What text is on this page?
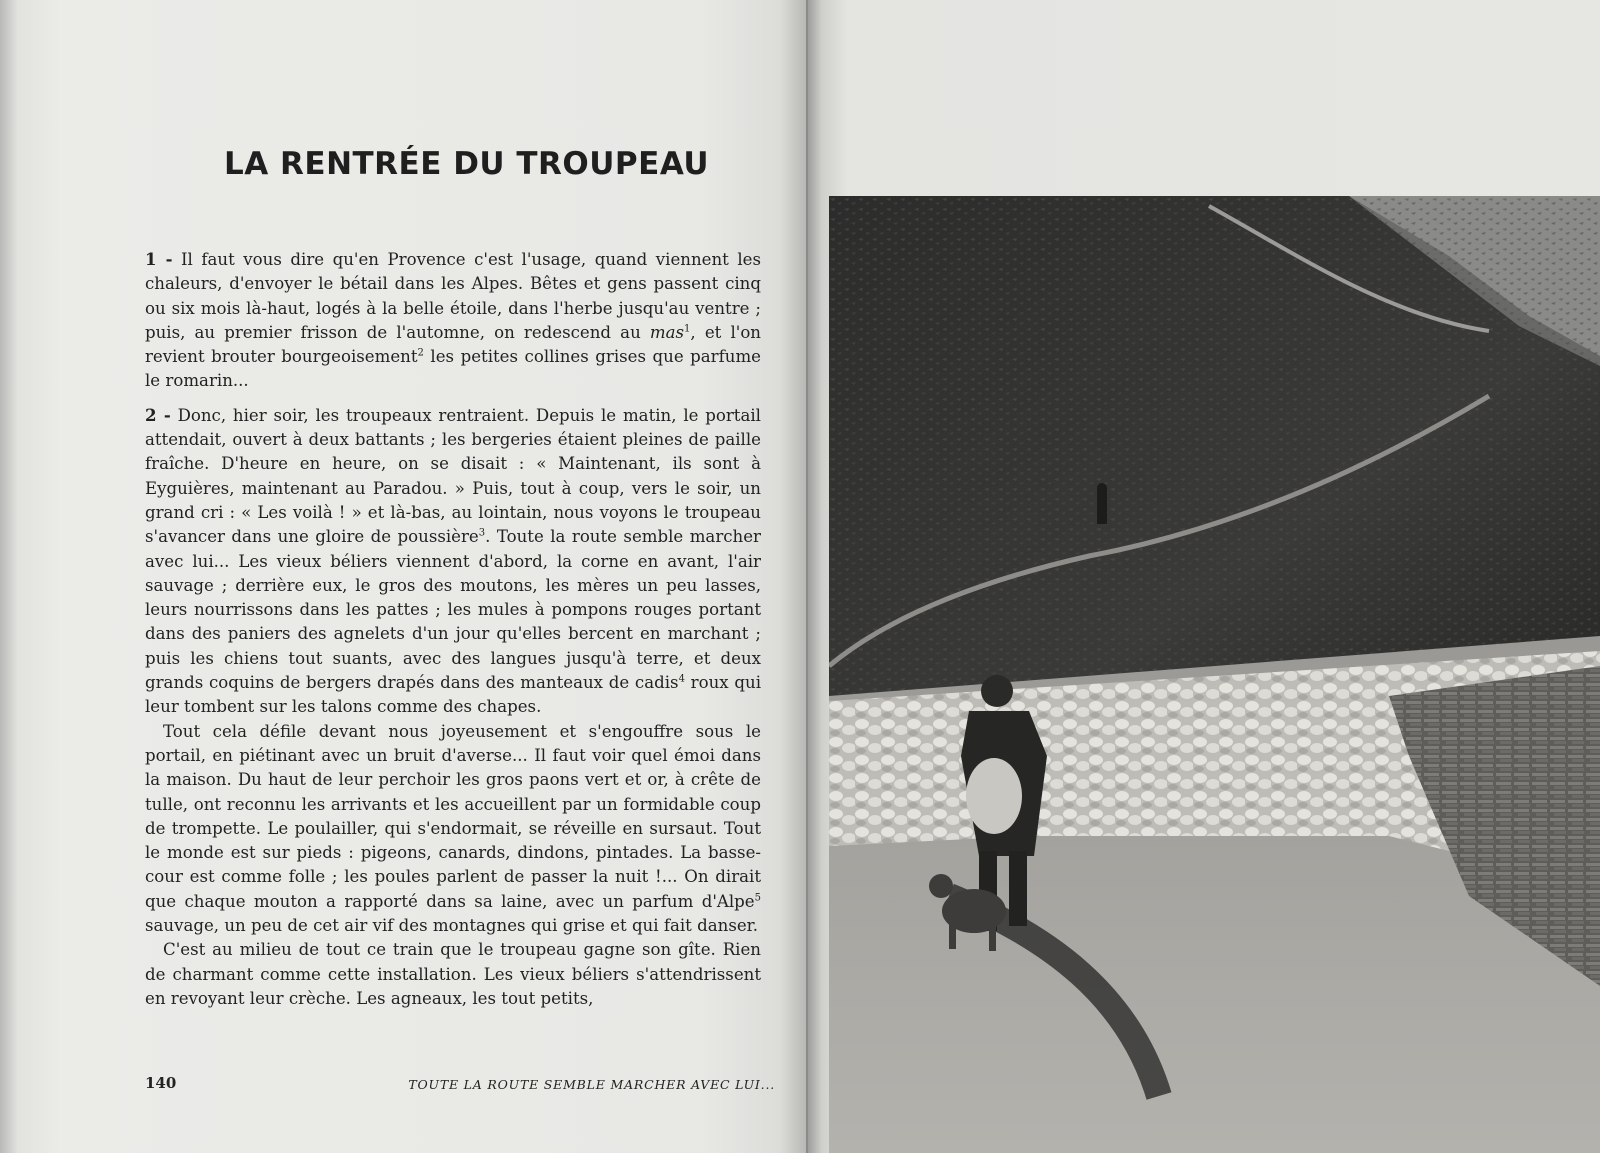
LA RENTRÉE DU TROUPEAU

1 - Il faut vous dire qu'en Provence c'est l'usage, quand viennent les chaleurs, d'envoyer le bétail dans les Alpes. Bêtes et gens passent cinq ou six mois là-haut, logés à la belle étoile, dans l'herbe jusqu'au ventre ; puis, au premier frisson de l'automne, on redescend au mas$^1$, et l'on revient brouter bourgeoisement$^2$ les petites collines grises que parfume le romarin...

2 - Donc, hier soir, les troupeaux rentraient. Depuis le matin, le portail attendait, ouvert à deux battants ; les bergeries étaient pleines de paille fraîche. D'heure en heure, on se disait : « Maintenant, ils sont à Eyguières, maintenant au Paradou. » Puis, tout à coup, vers le soir, un grand cri : « Les voilà ! » et là-bas, au lointain, nous voyons le troupeau s'avancer dans une gloire de poussière$^3$. Toute la route semble marcher avec lui... Les vieux béliers viennent d'abord, la corne en avant, l'air sauvage ; derrière eux, le gros des moutons, les mères un peu lasses, leurs nourrissons dans les pattes ; les mules à pompons rouges portant dans des paniers des agnelets d'un jour qu'elles bercent en marchant ; puis les chiens tout suants, avec des langues jusqu'à terre, et deux grands coquins de bergers drapés dans des manteaux de cadis$^4$ roux qui leur tombent sur les talons comme des chapes.

Tout cela défile devant nous joyeusement et s'engouffre sous le portail, en piétinant avec un bruit d'averse... Il faut voir quel émoi dans la maison. Du haut de leur perchoir les gros paons vert et or, à crête de tulle, ont reconnu les arrivants et les accueillent par un formidable coup de trompette. Le poulailler, qui s'endormait, se réveille en sursaut. Tout le monde est sur pieds : pigeons, canards, dindons, pintades. La basse-cour est comme folle ; les poules parlent de passer la nuit !... On dirait que chaque mouton a rapporté dans sa laine, avec un parfum d'Alpe$^5$ sauvage, un peu de cet air vif des montagnes qui grise et qui fait danser.

C'est au milieu de tout ce train que le troupeau gagne son gîte. Rien de charmant comme cette installation. Les vieux béliers s'attendrissent en revoyant leur crèche. Les agneaux, les tout petits,

140	TOUTE LA ROUTE SEMBLE MARCHER AVEC LUI...
